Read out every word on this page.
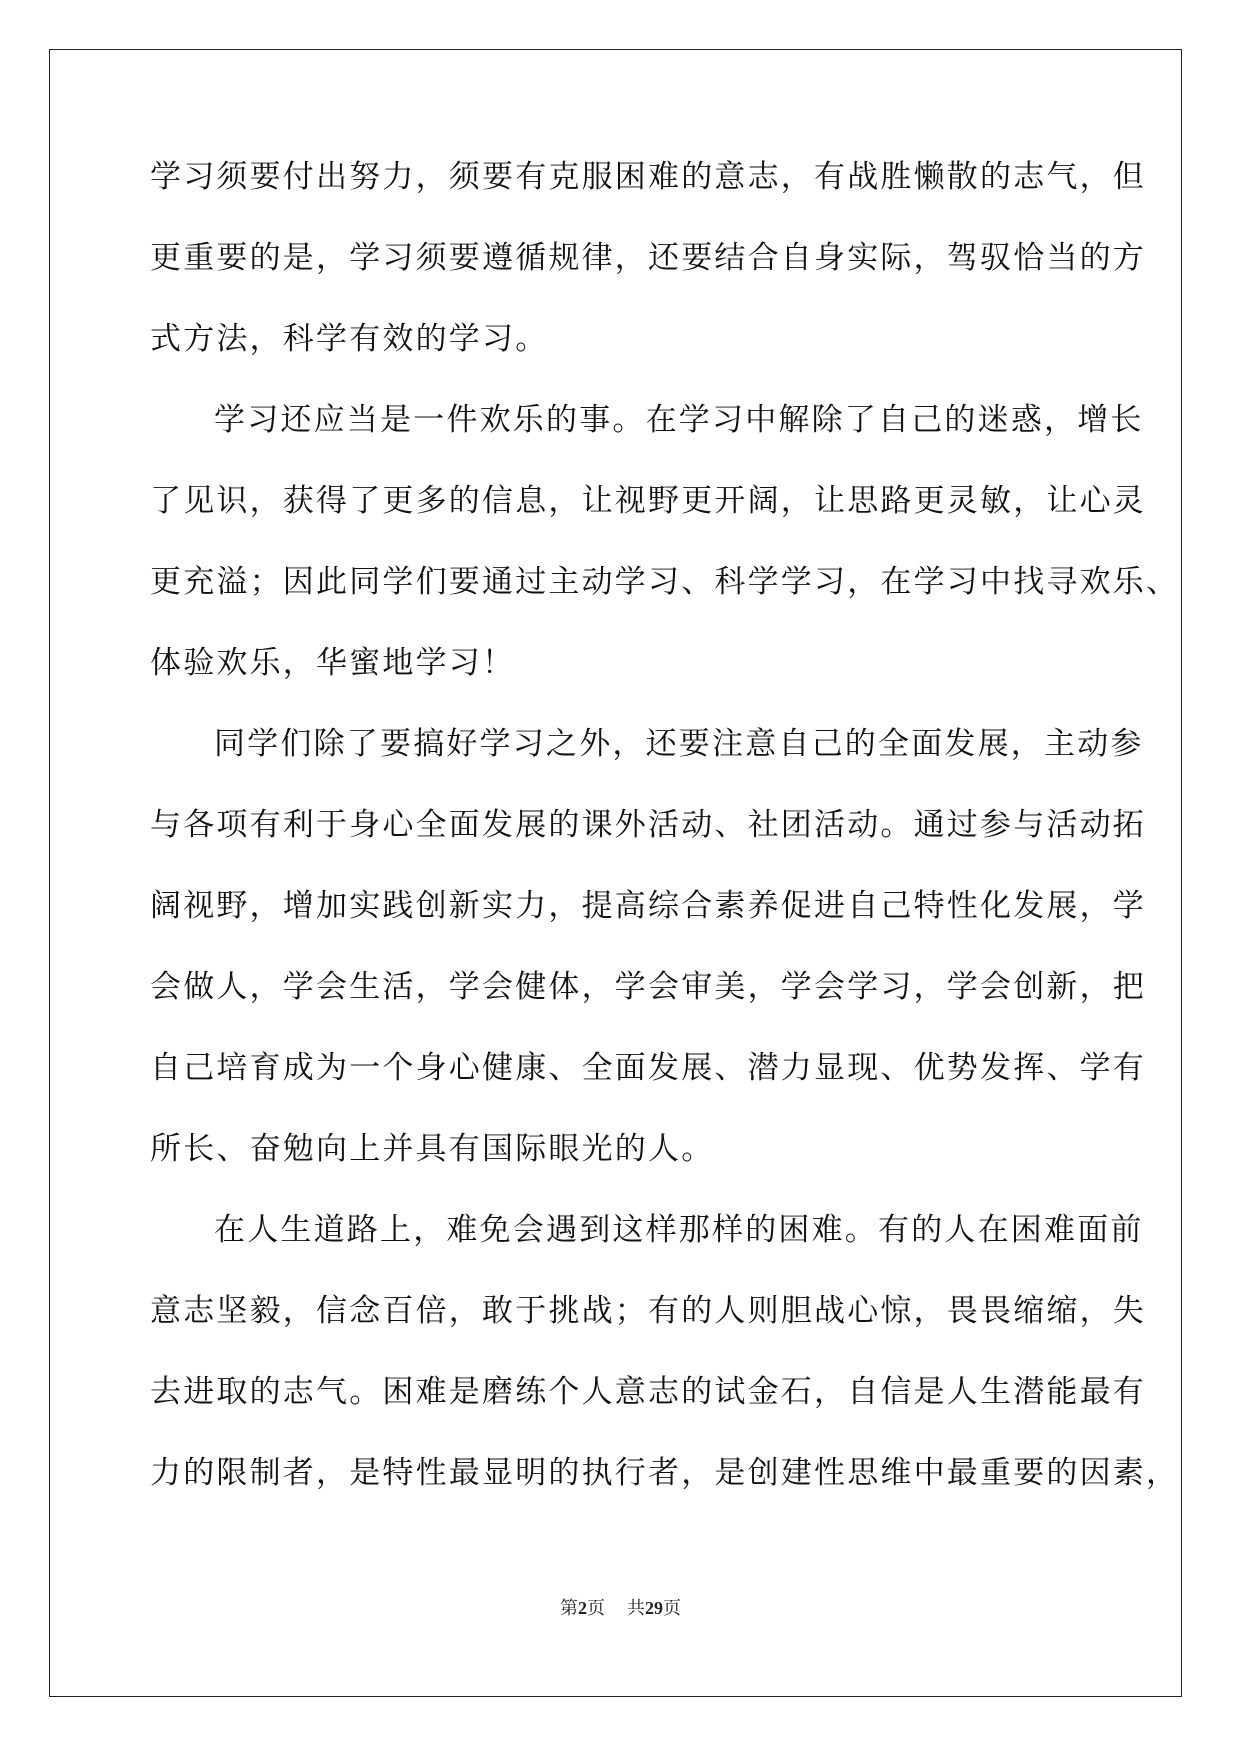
学习须要付出努力，须要有克服困难的意志，有战胜懒散的志气，但
更重要的是，学习须要遵循规律，还要结合自身实际，驾驭恰当的方
式方法，科学有效的学习。
学习还应当是一件欢乐的事。在学习中解除了自己的迷惑，增长
了见识，获得了更多的信息，让视野更开阔，让思路更灵敏，让心灵
更充溢；因此同学们要通过主动学习、科学学习，在学习中找寻欢乐、
体验欢乐，华蜜地学习！
同学们除了要搞好学习之外，还要注意自己的全面发展，主动参
与各项有利于身心全面发展的课外活动、社团活动。通过参与活动拓
阔视野，增加实践创新实力，提高综合素养促进自己特性化发展，学
会做人，学会生活，学会健体，学会审美，学会学习，学会创新，把
自己培育成为一个身心健康、全面发展、潜力显现、优势发挥、学有
所长、奋勉向上并具有国际眼光的人。
在人生道路上，难免会遇到这样那样的困难。有的人在困难面前
意志坚毅，信念百倍，敢于挑战；有的人则胆战心惊，畏畏缩缩，失
去进取的志气。困难是磨练个人意志的试金石，自信是人生潜能最有
力的限制者，是特性最显明的执行者，是创建性思维中最重要的因素，
第2页 共29页
